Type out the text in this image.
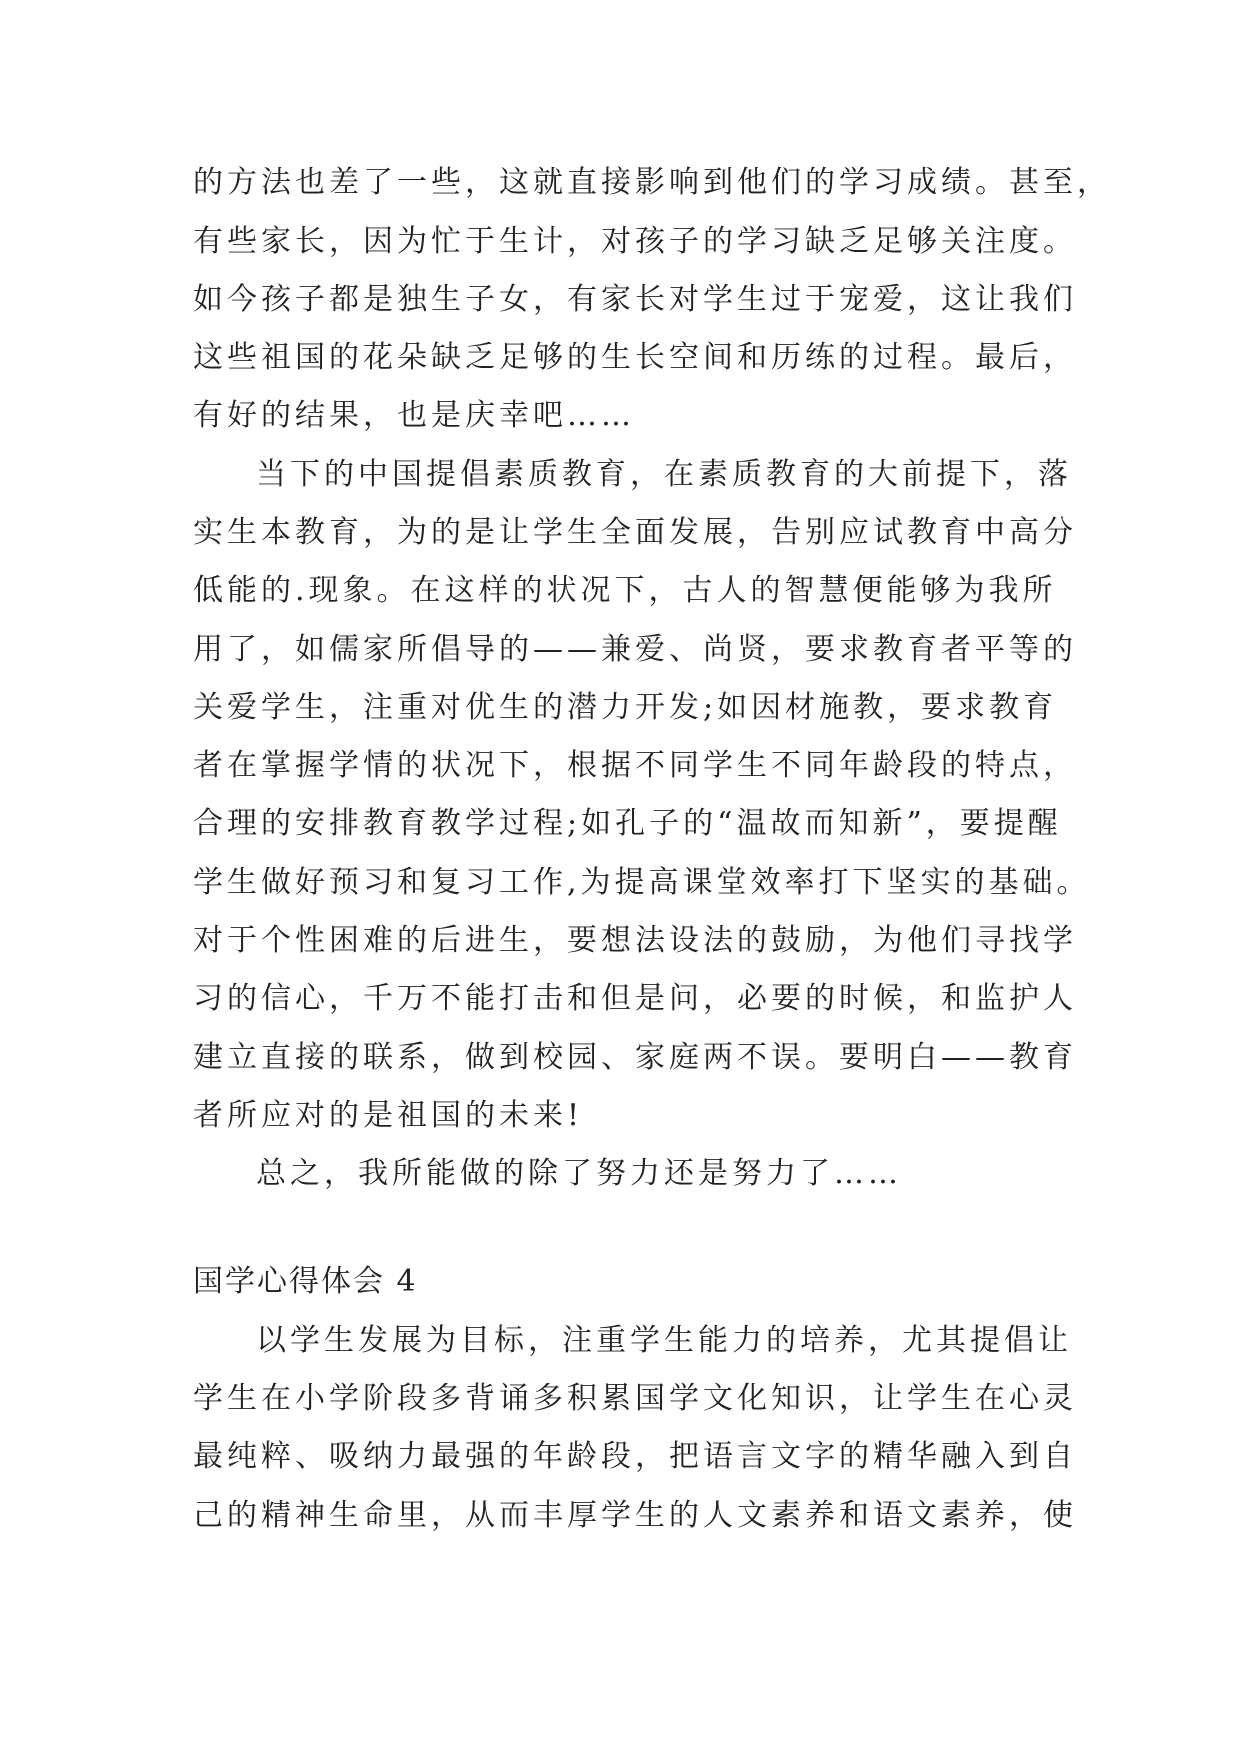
的方法也差了一些，这就直接影响到他们的学习成绩。甚至，

有些家长，因为忙于生计，对孩子的学习缺乏足够关注度。

如今孩子都是独生子女，有家长对学生过于宠爱，这让我们

这些祖国的花朵缺乏足够的生长空间和历练的过程。最后，

有好的结果，也是庆幸吧……

当下的中国提倡素质教育，在素质教育的大前提下，落

实生本教育，为的是让学生全面发展，告别应试教育中高分

低能的.现象。在这样的状况下，古人的智慧便能够为我所

用了，如儒家所倡导的——兼爱、尚贤，要求教育者平等的

关爱学生，注重对优生的潜力开发;如因材施教，要求教育

者在掌握学情的状况下，根据不同学生不同年龄段的特点，

合理的安排教育教学过程;如孔子的“温故而知新”，要提醒

学生做好预习和复习工作,为提高课堂效率打下坚实的基础。

对于个性困难的后进生，要想法设法的鼓励，为他们寻找学

习的信心，千万不能打击和但是问，必要的时候，和监护人

建立直接的联系，做到校园、家庭两不误。要明白——教育

者所应对的是祖国的未来!

总之，我所能做的除了努力还是努力了……

国学心得体会 4

以学生发展为目标，注重学生能力的培养，尤其提倡让

学生在小学阶段多背诵多积累国学文化知识，让学生在心灵

最纯粹、吸纳力最强的年龄段，把语言文字的精华融入到自

己的精神生命里，从而丰厚学生的人文素养和语文素养，使
